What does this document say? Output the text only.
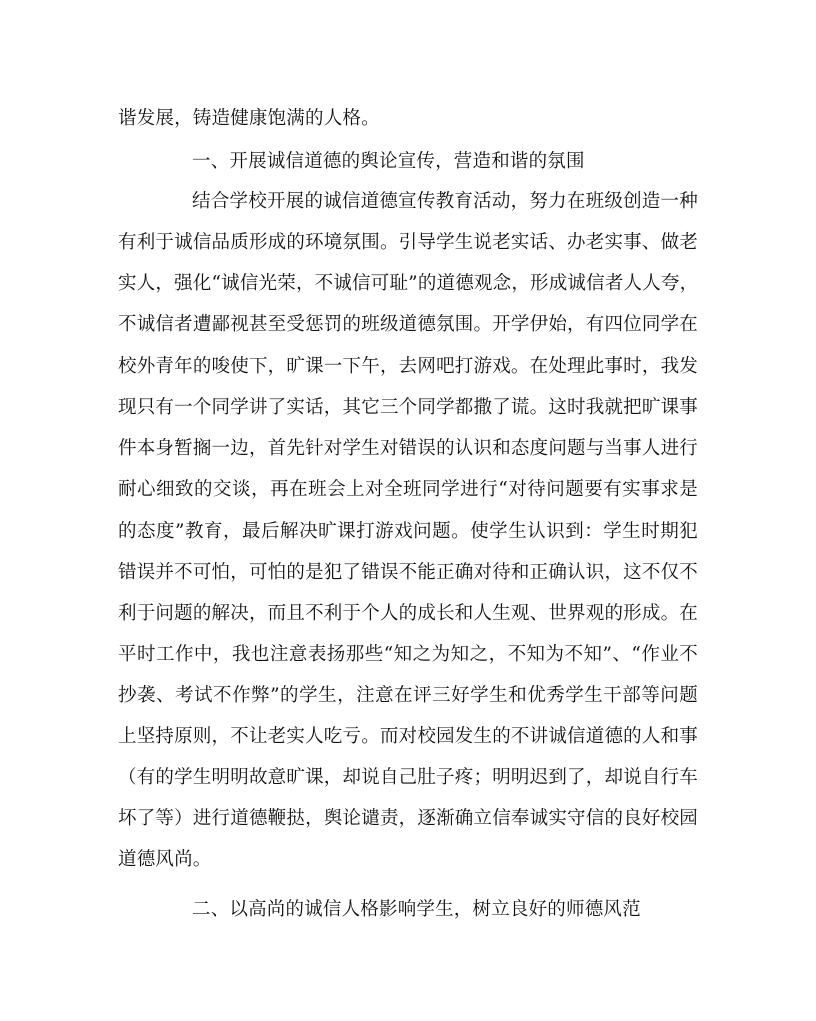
谐发展，铸造健康饱满的人格。
一、开展诚信道德的舆论宣传，营造和谐的氛围
结合学校开展的诚信道德宣传教育活动，努力在班级创造一种
有利于诚信品质形成的环境氛围。引导学生说老实话、办老实事、做老
实人，强化“诚信光荣，不诚信可耻”的道德观念，形成诚信者人人夸，
不诚信者遭鄙视甚至受惩罚的班级道德氛围。开学伊始，有四位同学在
校外青年的唆使下，旷课一下午，去网吧打游戏。在处理此事时，我发
现只有一个同学讲了实话，其它三个同学都撒了谎。这时我就把旷课事
件本身暂搁一边，首先针对学生对错误的认识和态度问题与当事人进行
耐心细致的交谈，再在班会上对全班同学进行“对待问题要有实事求是
的态度”教育，最后解决旷课打游戏问题。使学生认识到：学生时期犯
错误并不可怕，可怕的是犯了错误不能正确对待和正确认识，这不仅不
利于问题的解决，而且不利于个人的成长和人生观、世界观的形成。在
平时工作中，我也注意表扬那些“知之为知之，不知为不知”、“作业不
抄袭、考试不作弊”的学生，注意在评三好学生和优秀学生干部等问题
上坚持原则，不让老实人吃亏。而对校园发生的不讲诚信道德的人和事
（有的学生明明故意旷课，却说自己肚子疼；明明迟到了，却说自行车
坏了等）进行道德鞭挞，舆论谴责，逐渐确立信奉诚实守信的良好校园
道德风尚。
二、以高尚的诚信人格影响学生，树立良好的师德风范
